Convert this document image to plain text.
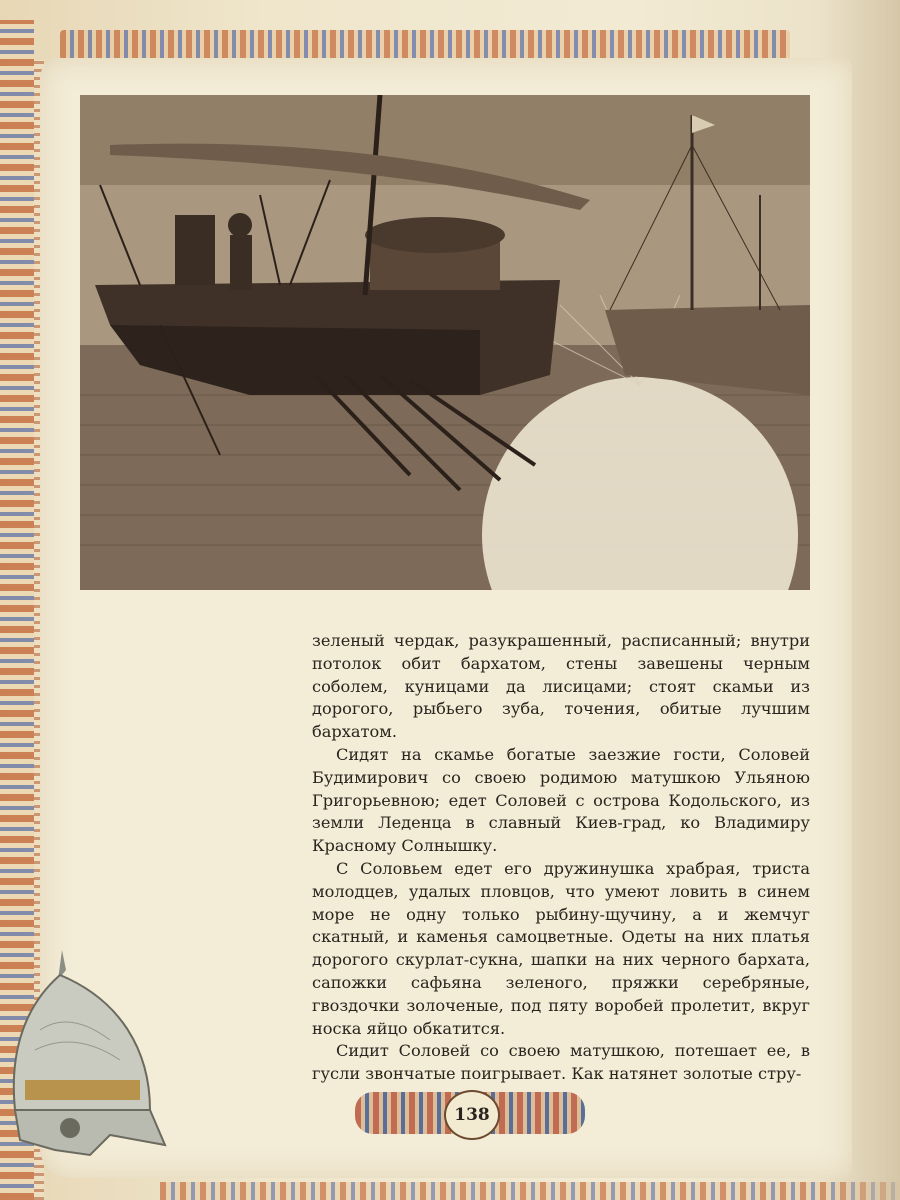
зеленый чердак, разукрашенный, расписанный; внутри потолок обит бархатом, стены завешены черным соболем, куницами да лисицами; стоят скамьи из дорогого, рыбьего зуба, точения, обитые лучшим бархатом.

Сидят на скамье богатые заезжие гости, Соловей Будимирович со своею родимою матушкою Ульяною Григорьевною; едет Соловей с острова Кодольского, из земли Леденца в славный Киев-град, ко Владимиру Красному Солнышку.

С Соловьем едет его дружинушка храбрая, триста молодцев, удалых пловцов, что умеют ловить в синем море не одну только рыбину-щучину, а и жемчуг скатный, и каменья самоцветные. Одеты на них платья дорогого скурлат-сукна, шапки на них черного бархата, сапожки сафьяна зеленого, пряжки серебряные, гвоздочки золоченые, под пяту воробей пролетит, вкруг носка яйцо обкатится.

Сидит Соловей со своею матушкою, потешает ее, в гусли звончатые поигрывает. Как натянет золотые стру-

138
